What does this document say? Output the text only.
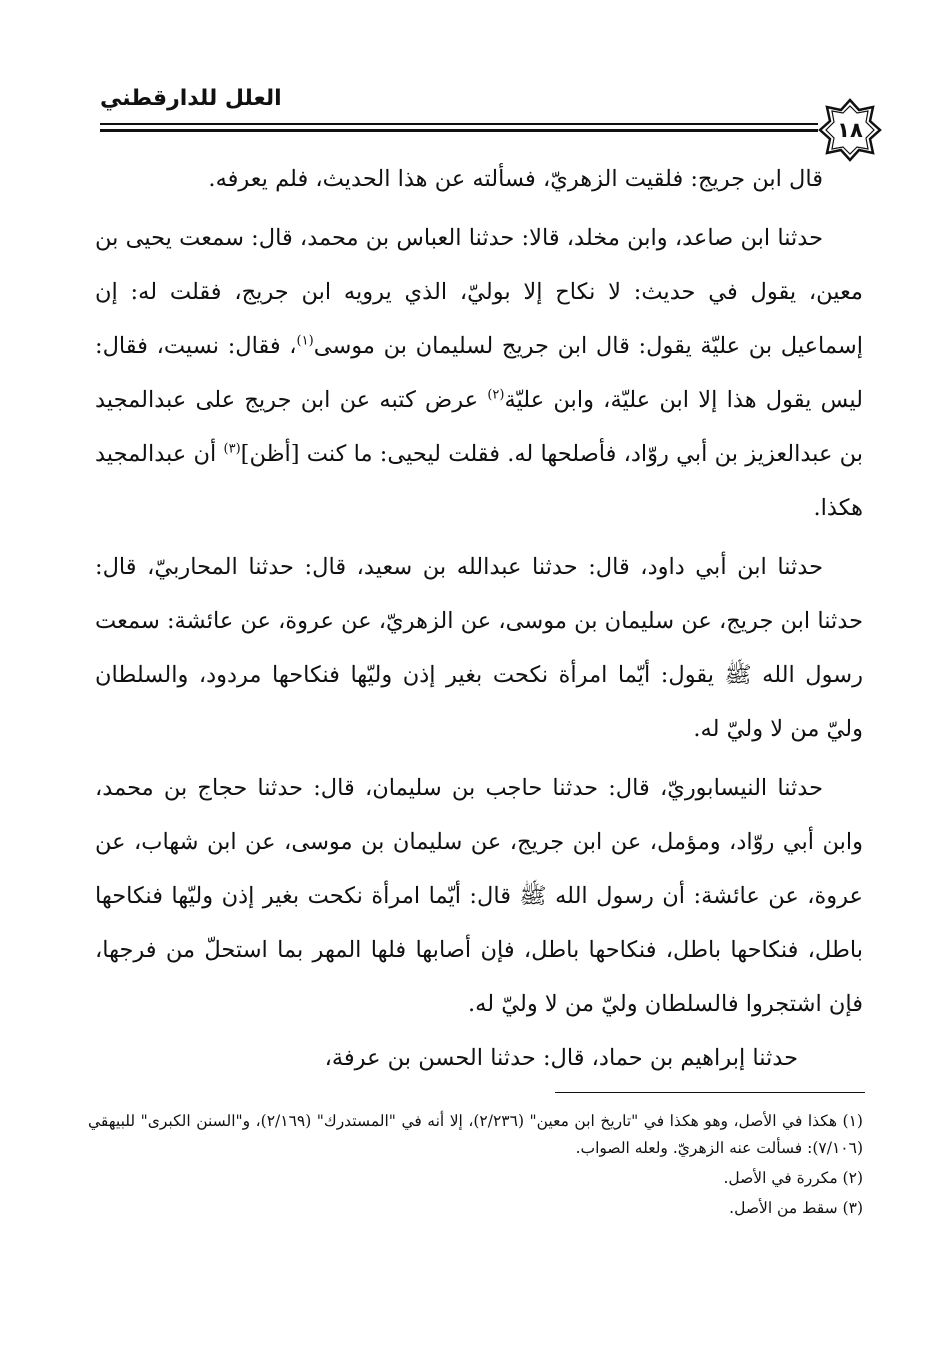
العلل للدارقطني
١٨

قال ابن جريج: فلقيت الزهريّ، فسألته عن هذا الحديث، فلم يعرفه.

حدثنا ابن صاعد، وابن مخلد، قالا: حدثنا العباس بن محمد، قال: سمعت يحيى بن معين، يقول في حديث: لا نكاح إلا بوليّ، الذي يرويه ابن جريج، فقلت له: إن إسماعيل بن عليّة يقول: قال ابن جريج لسليمان بن موسى$^{(١)}$، فقال: نسيت، فقال: ليس يقول هذا إلا ابن عليّة، وابن عليّة$^{(٢)}$ عرض كتبه عن ابن جريج على عبدالمجيد بن عبدالعزيز بن أبي روّاد، فأصلحها له. فقلت ليحيى: ما كنت [أظن]$^{(٣)}$ أن عبدالمجيد هكذا.

حدثنا ابن أبي داود، قال: حدثنا عبدالله بن سعيد، قال: حدثنا المحاربيّ، قال: حدثنا ابن جريج، عن سليمان بن موسى، عن الزهريّ، عن عروة، عن عائشة: سمعت رسول الله ﷺ يقول: أيّما امرأة نكحت بغير إذن وليّها فنكاحها مردود، والسلطان وليّ من لا وليّ له.

حدثنا النيسابوريّ، قال: حدثنا حاجب بن سليمان، قال: حدثنا حجاج بن محمد، وابن أبي روّاد، ومؤمل، عن ابن جريج، عن سليمان بن موسى، عن ابن شهاب، عن عروة، عن عائشة: أن رسول الله ﷺ قال: أيّما امرأة نكحت بغير إذن وليّها فنكاحها باطل، فنكاحها باطل، فنكاحها باطل، فإن أصابها فلها المهر بما استحلّ من فرجها، فإن اشتجروا فالسلطان وليّ من لا وليّ له.

حدثنا إبراهيم بن حماد، قال: حدثنا الحسن بن عرفة،

(١) هكذا في الأصل، وهو هكذا في "تاريخ ابن معين" (٢/٢٣٦)، إلا أنه في "المستدرك" (٢/١٦٩)، و"السنن الكبرى" للبيهقي (٧/١٠٦): فسألت عنه الزهريّ. ولعله الصواب.

(٢) مكررة في الأصل.

(٣) سقط من الأصل.
